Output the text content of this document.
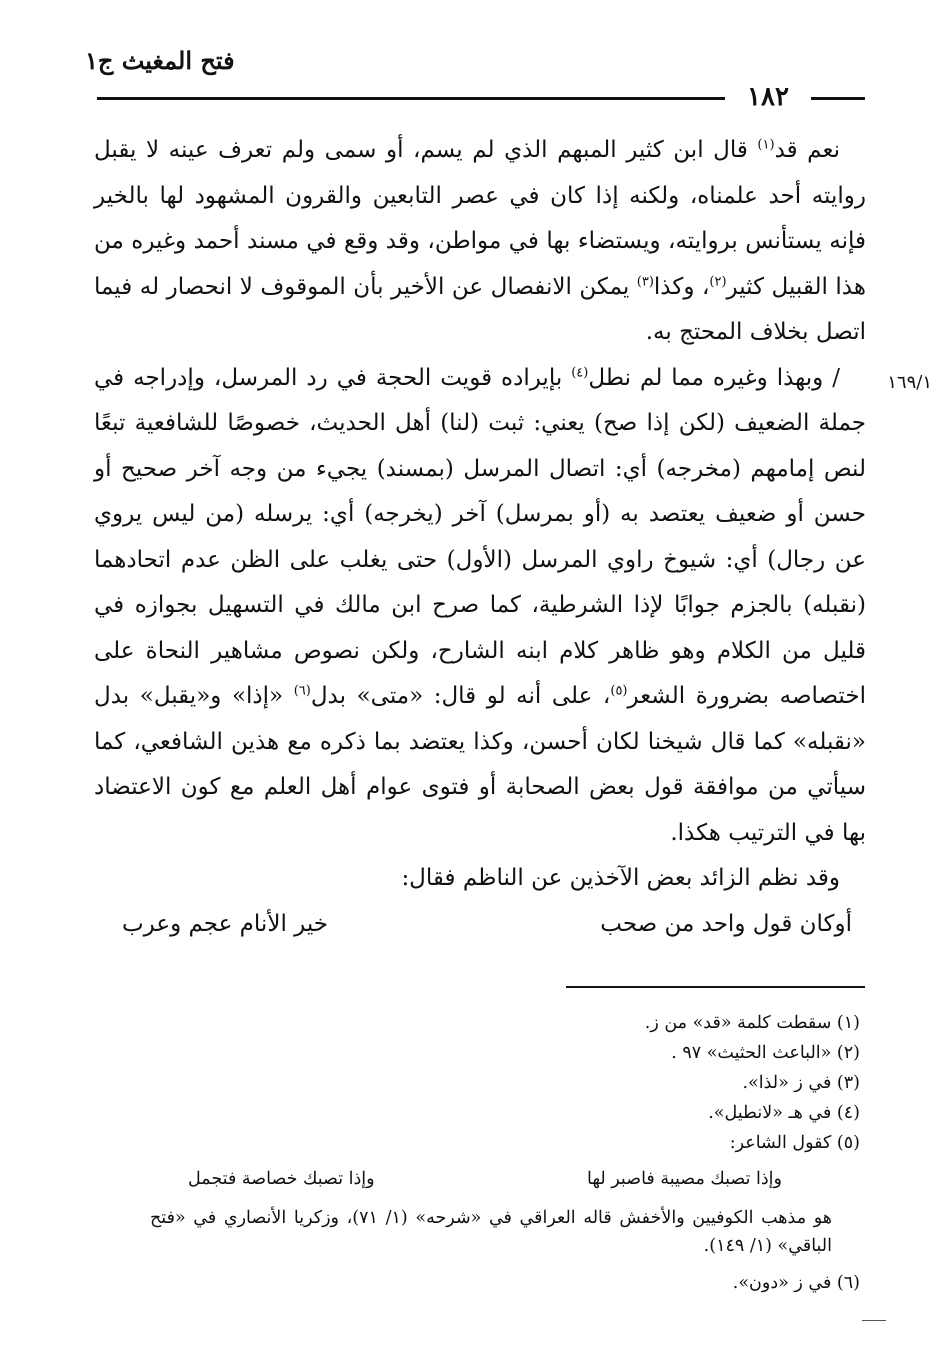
فتح المغيث ج١
١٨٢
١٦٩/١

نعم قد$^{(١)}$ قال ابن كثير المبهم الذي لم يسم، أو سمى ولم تعرف عينه لا يقبل روايته أحد علمناه، ولكنه إذا كان في عصر التابعين والقرون المشهود لها بالخير فإنه يستأنس بروايته، ويستضاء بها في مواطن، وقد وقع في مسند أحمد وغيره من هذا القبيل كثير$^{(٢)}$، وكذا$^{(٣)}$ يمكن الانفصال عن الأخير بأن الموقوف لا انحصار له فيما اتصل بخلاف المحتج به.

/ وبهذا وغيره مما لم نطل$^{(٤)}$ بإيراده قويت الحجة في رد المرسل، وإدراجه في جملة الضعيف (لكن إذا صح) يعني: ثبت (لنا) أهل الحديث، خصوصًا للشافعية تبعًا لنص إمامهم (مخرجه) أي: اتصال المرسل (بمسند) يجيء من وجه آخر صحيح أو حسن أو ضعيف يعتصد به (أو بمرسل) آخر (يخرجه) أي: يرسله (من ليس يروي عن رجال) أي: شيوخ راوي المرسل (الأول) حتى يغلب على الظن عدم اتحادهما (نقبله) بالجزم جوابًا لإذا الشرطية، كما صرح ابن مالك في التسهيل بجوازه في قليل من الكلام وهو ظاهر كلام ابنه الشارح، ولكن نصوص مشاهير النحاة على اختصاصه بضرورة الشعر$^{(٥)}$، على أنه لو قال: «متى» بدل$^{(٦)}$ «إذا» و«يقبل» بدل «نقبله» كما قال شيخنا لكان أحسن، وكذا يعتضد بما ذكره مع هذين الشافعي، كما سيأتي من موافقة قول بعض الصحابة أو فتوى عوام أهل العلم مع كون الاعتضاد بها في الترتيب هكذا.

وقد نظم الزائد بعض الآخذين عن الناظم فقال:

أوكان قول واحد من صحب
خير الأنام عجم وعرب

(١) سقطت كلمة «قد» من ز.

(٢) «الباعث الحثيث» ٩٧ .

(٣) في ز «لذا».

(٤) في هـ «لانطيل».

(٥) كقول الشاعر:

وإذا تصبك مصيبة فاصبر لها
وإذا تصبك خصاصة فتجمل

هو مذهب الكوفيين والأخفش قاله العراقي في «شرحه» (١/ ٧١)، وزكريا الأنصاري في «فتح الباقي» (١/ ١٤٩).

(٦) في ز «دون».
